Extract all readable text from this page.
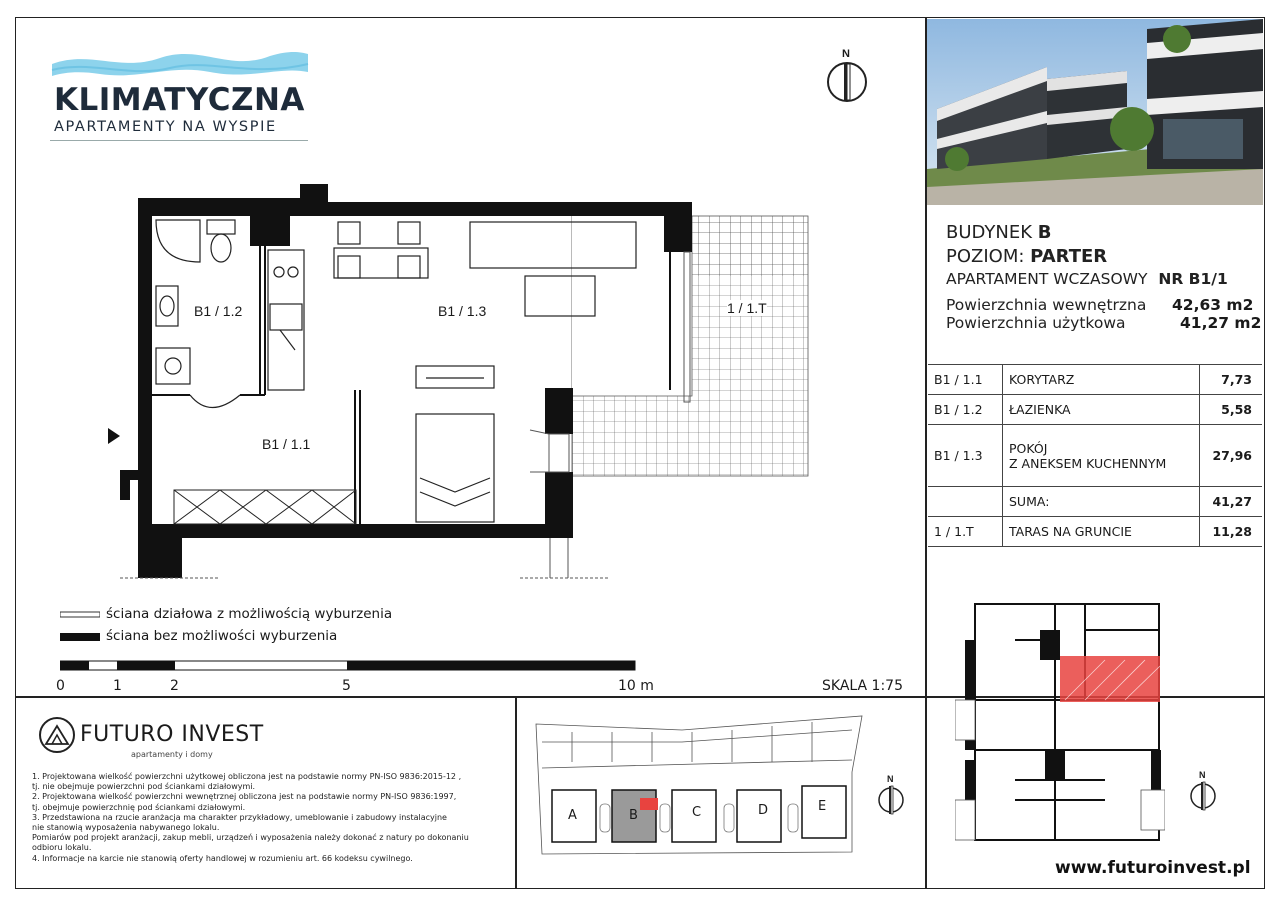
KLIMATYCZNA
APARTAMENTY NA WYSPIE
N
B1 / 1.2	B1 / 1.3
B1 / 1.1
1 / 1.T
ściana działowa z możliwością wyburzenia
ściana bez możliwości wyburzenia
0	1	2	5	10 m	SKALA 1:75
BUDYNEK B
POZIOM: PARTER
APARTAMENT WCZASOWY NR B1/1
Powierzchnia wewnętrzna 42,63 m2
Powierzchnia użytkowa	41,27 m2
B1 / 1.1	KORYTARZ	7,73
B1 / 1.2	ŁAZIENKA	5,58
B1 / 1.3	POKÓJ
Z ANEKSEM KUCHENNYM	27,96
	SUMA:	41,27
1 / 1.T	TARAS NA GRUNCIE	11,28
N
A	B	C	D	E
N
FUTURO INVEST
apartamenty i domy
1. Projektowana wielkość powierzchni użytkowej obliczona jest na podstawie normy PN-ISO 9836:2015-12 ,
tj. nie obejmuje powierzchni pod ściankami działowymi.
2. Projektowana wielkość powierzchni wewnętrznej obliczona jest na podstawie normy PN-ISO 9836:1997,
tj. obejmuje powierzchnię pod ściankami działowymi.
3. Przedstawiona na rzucie aranżacja ma charakter przykładowy, umeblowanie i zabudowy instalacyjne
nie stanowią wyposażenia nabywanego lokalu.
Pomiarów pod projekt aranżacji, zakup mebli, urządzeń i wyposażenia należy dokonać z natury po dokonaniu
odbioru lokalu.
4. Informacje na karcie nie stanowią oferty handlowej w rozumieniu art. 66 kodeksu cywilnego.	www.futuroinvest.pl
